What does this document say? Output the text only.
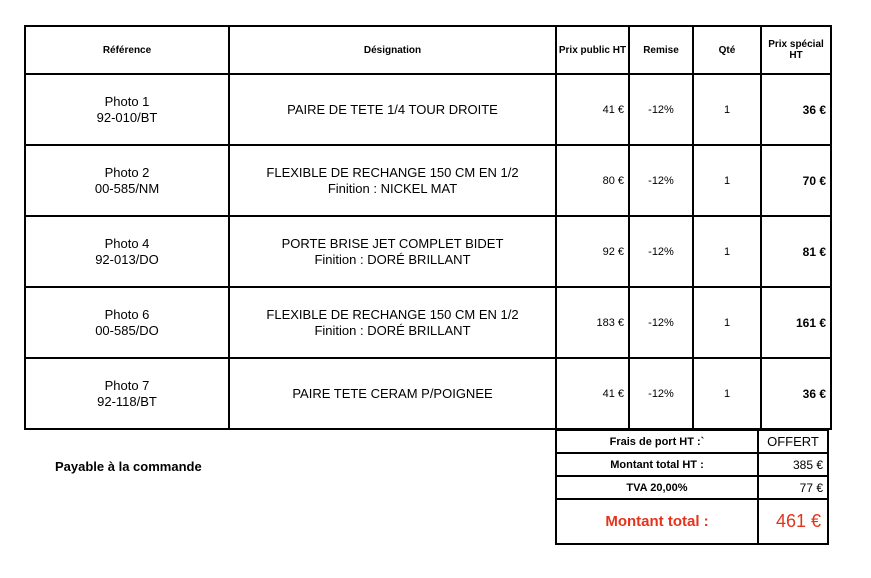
Référence	Désignation	Prix public HT	Remise	Qté	Prix spécial HT

Photo 1
92-010/BT	PAIRE DE TETE 1/4 TOUR DROITE	41 €	-12%	1	36 €

Photo 2
00-585/NM	FLEXIBLE DE RECHANGE 150 CM EN 1/2
Finition : NICKEL MAT	80 €	-12%	1	70 €

Photo 4
92-013/DO	PORTE BRISE JET COMPLET BIDET
Finition : DORÉ BRILLANT	92 €	-12%	1	81 €

Photo 6
00-585/DO	FLEXIBLE DE RECHANGE 150 CM EN 1/2
Finition : DORÉ BRILLANT	183 €	-12%	1	161 €

Photo 7
92-118/BT	PAIRE TETE CERAM P/POIGNEE	41 €	-12%	1	36 €
Payable à la commande
Frais de port HT :`	OFFERT
Montant total HT :	385 €
TVA 20,00%	77 €
Montant total :	461 €
